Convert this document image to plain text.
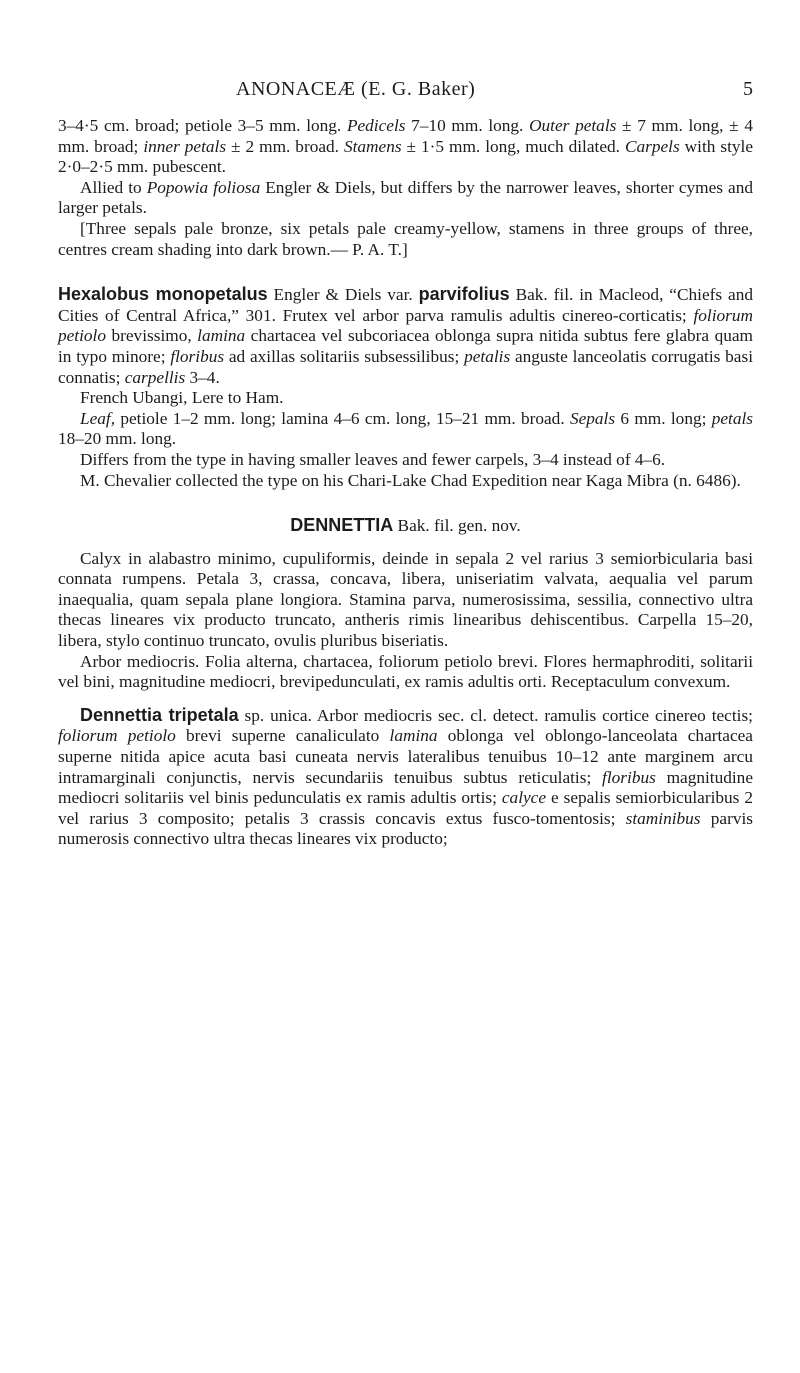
ANONACEÆ (E. G. Baker)	5

3–4·5 cm. broad; petiole 3–5 mm. long. Pedicels 7–10 mm. long. Outer petals ± 7 mm. long, ± 4 mm. broad; inner petals ± 2 mm. broad. Stamens ± 1·5 mm. long, much dilated. Carpels with style 2·0–2·5 mm. pubescent.

Allied to Popowia foliosa Engler & Diels, but differs by the narrower leaves, shorter cymes and larger petals.

[Three sepals pale bronze, six petals pale creamy-yellow, stamens in three groups of three, centres cream shading into dark brown.— P. A. T.]

Hexalobus monopetalus Engler & Diels var. parvifolius Bak. fil. in Macleod, “Chiefs and Cities of Central Africa,” 301. Frutex vel arbor parva ramulis adultis cinereo-corticatis; foliorum petiolo brevissimo, lamina chartacea vel subcoriacea oblonga supra nitida subtus fere glabra quam in typo minore; floribus ad axillas solitariis subsessilibus; petalis anguste lanceolatis corrugatis basi connatis; carpellis 3–4.

French Ubangi, Lere to Ham.

Leaf, petiole 1–2 mm. long; lamina 4–6 cm. long, 15–21 mm. broad. Sepals 6 mm. long; petals 18–20 mm. long.

Differs from the type in having smaller leaves and fewer carpels, 3–4 instead of 4–6.

M. Chevalier collected the type on his Chari-Lake Chad Expedition near Kaga Mibra (n. 6486).

DENNETTIA Bak. fil. gen. nov.

Calyx in alabastro minimo, cupuliformis, deinde in sepala 2 vel rarius 3 semiorbicularia basi connata rumpens. Petala 3, crassa, concava, libera, uniseriatim valvata, aequalia vel parum inaequalia, quam sepala plane longiora. Stamina parva, numerosissima, sessilia, connectivo ultra thecas lineares vix producto truncato, antheris rimis linearibus dehiscentibus. Carpella 15–20, libera, stylo continuo truncato, ovulis pluribus biseriatis.

Arbor mediocris. Folia alterna, chartacea, foliorum petiolo brevi. Flores hermaphroditi, solitarii vel bini, magnitudine mediocri, brevipedunculati, ex ramis adultis orti. Receptaculum convexum.

Dennettia tripetala sp. unica. Arbor mediocris sec. cl. detect. ramulis cortice cinereo tectis; foliorum petiolo brevi superne canaliculato lamina oblonga vel oblongo-lanceolata chartacea superne nitida apice acuta basi cuneata nervis lateralibus tenuibus 10–12 ante marginem arcu intramarginali conjunctis, nervis secundariis tenuibus subtus reticulatis; floribus magnitudine mediocri solitariis vel binis pedunculatis ex ramis adultis ortis; calyce e sepalis semiorbicularibus 2 vel rarius 3 composito; petalis 3 crassis concavis extus fusco-tomentosis; staminibus parvis numerosis connectivo ultra thecas lineares vix producto;
